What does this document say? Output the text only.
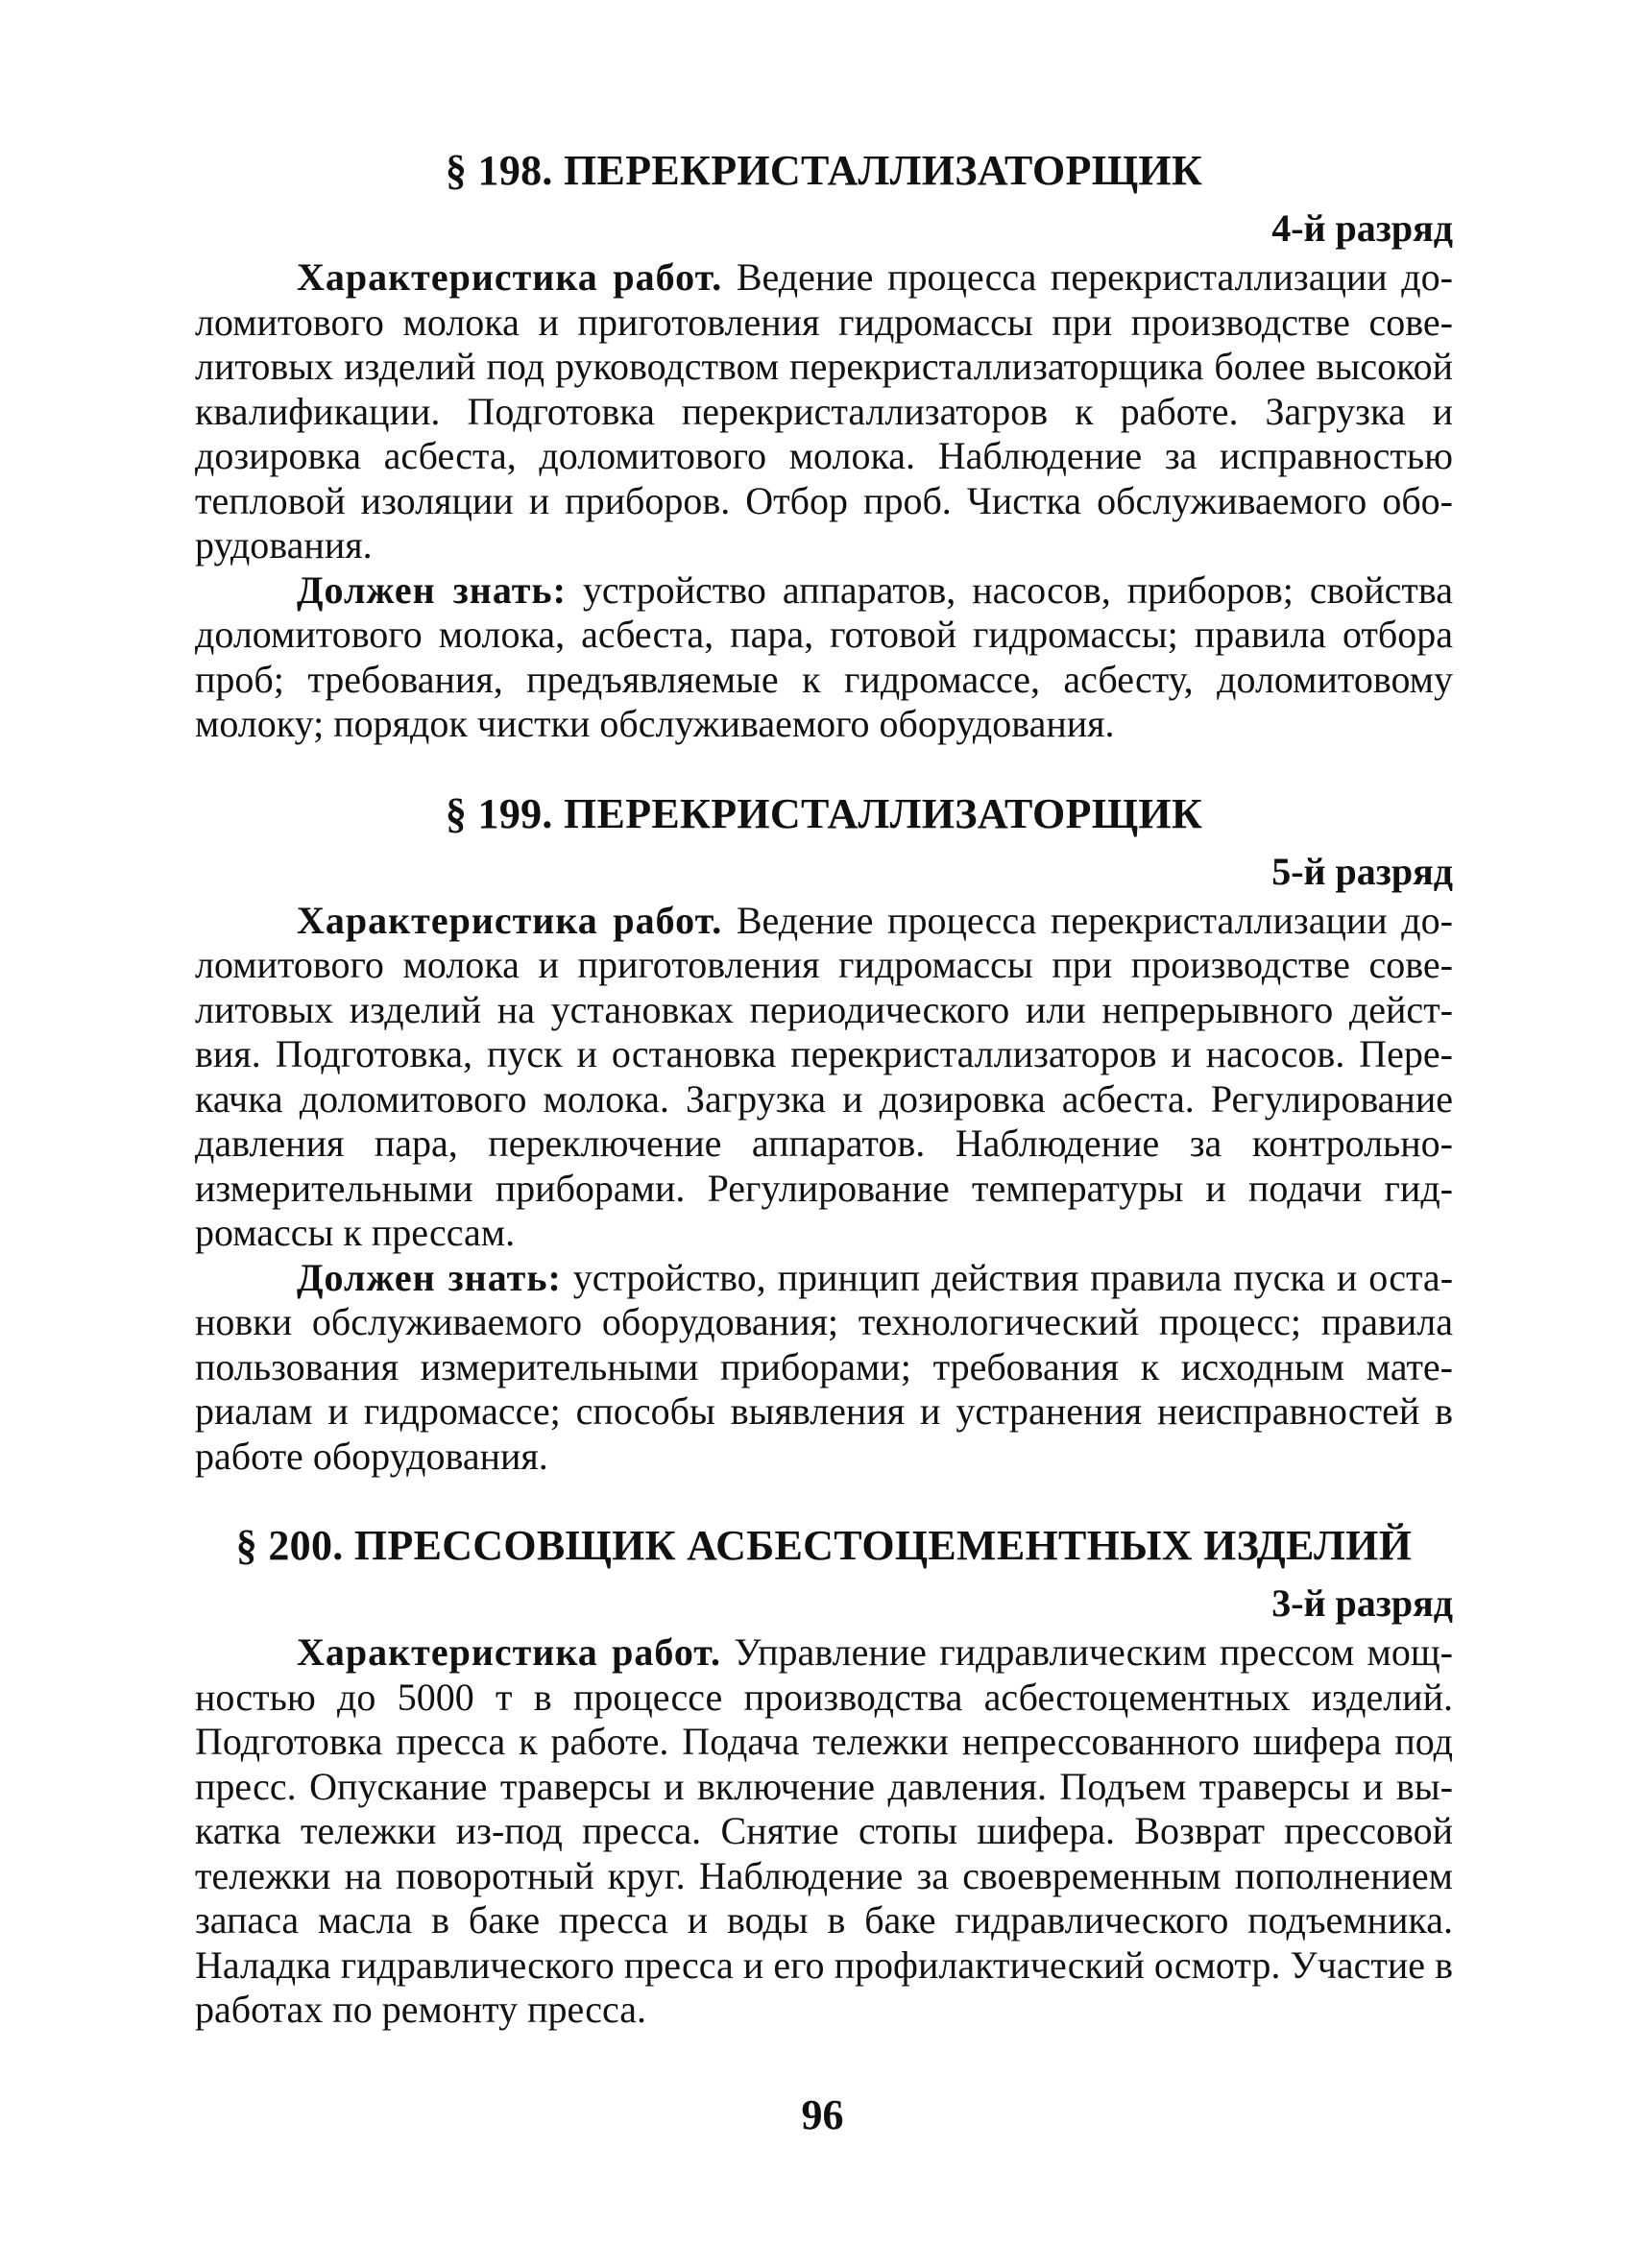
§ 198. ПЕРЕКРИСТАЛЛИЗАТОРЩИК
4-й разряд

Характеристика работ. Ведение процесса перекристаллизации доломитового молока и приготовления гидромассы при производстве совелитовых изделий под руководством перекристаллизаторщика более высокой квалификации. Подготовка перекристаллизаторов к работе. Загрузка и дозировка асбеста, доломитового молока. Наблюдение за исправностью тепловой изоляции и приборов. Отбор проб. Чистка обслуживаемого оборудования.

Должен знать: устройство аппаратов, насосов, приборов; свойства доломитового молока, асбеста, пара, готовой гидромассы; правила отбора проб; требования, предъявляемые к гидромассе, асбесту, доломитовому молоку; порядок чистки обслуживаемого оборудования.

§ 199. ПЕРЕКРИСТАЛЛИЗАТОРЩИК
5-й разряд

Характеристика работ. Ведение процесса перекристаллизации доломитового молока и приготовления гидромассы при производстве совелитовых изделий на установках периодического или непрерывного действия. Подготовка, пуск и остановка перекристаллизаторов и насосов. Перекачка доломитового молока. Загрузка и дозировка асбеста. Регулирование давления пара, переключение аппаратов. Наблюдение за контрольно-измерительными приборами. Регулирование температуры и подачи гидромассы к прессам.

Должен знать: устройство, принцип действия правила пуска и остановки обслуживаемого оборудования; технологический процесс; правила пользования измерительными приборами; требования к исходным материалам и гидромассе; способы выявления и устранения неисправностей в работе оборудования.

§ 200. ПРЕССОВЩИК АСБЕСТОЦЕМЕНТНЫХ ИЗДЕЛИЙ
3-й разряд

Характеристика работ. Управление гидравлическим прессом мощностью до 5000 т в процессе производства асбестоцементных изделий. Подготовка пресса к работе. Подача тележки непрессованного шифера под пресс. Опускание траверсы и включение давления. Подъем траверсы и выкатка тележки из-под пресса. Снятие стопы шифера. Возврат прессовой тележки на поворотный круг. Наблюдение за своевременным пополнением запаса масла в баке пресса и воды в баке гидравлического подъемника. Наладка гидравлического пресса и его профилактический осмотр. Участие в работах по ремонту пресса.

96
